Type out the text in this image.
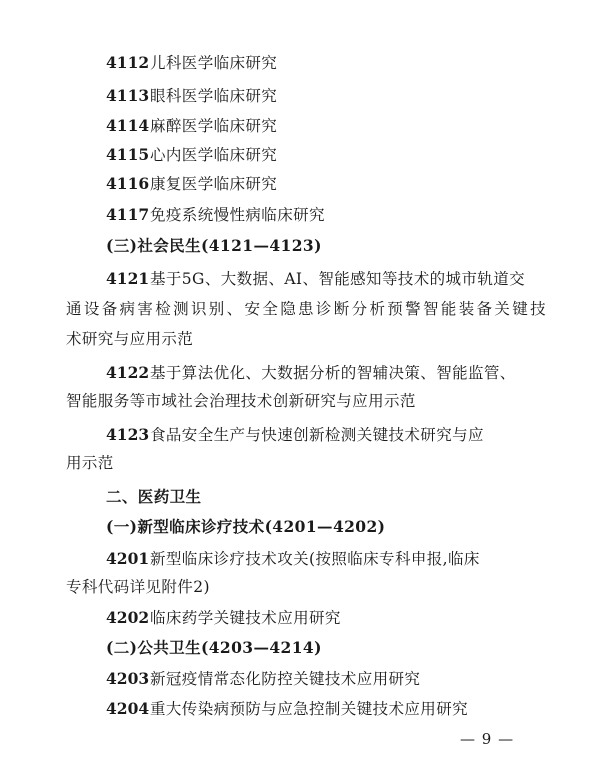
4112儿科医学临床研究
4113眼科医学临床研究
4114麻醉医学临床研究
4115心内医学临床研究
4116康复医学临床研究
4117免疫系统慢性病临床研究
(三)社会民生(4121—4123)
4121基于5G、大数据、AI、智能感知等技术的城市轨道交
通设备病害检测识别、安全隐患诊断分析预警智能装备关键技
术研究与应用示范
4122基于算法优化、大数据分析的智辅决策、智能监管、
智能服务等市域社会治理技术创新研究与应用示范
4123食品安全生产与快速创新检测关键技术研究与应
用示范
二、医药卫生
(一)新型临床诊疗技术(4201—4202)
4201新型临床诊疗技术攻关(按照临床专科申报,临床
专科代码详见附件2)
4202临床药学关键技术应用研究
(二)公共卫生(4203—4214)
4203新冠疫情常态化防控关键技术应用研究
4204重大传染病预防与应急控制关键技术应用研究
— 9 —
